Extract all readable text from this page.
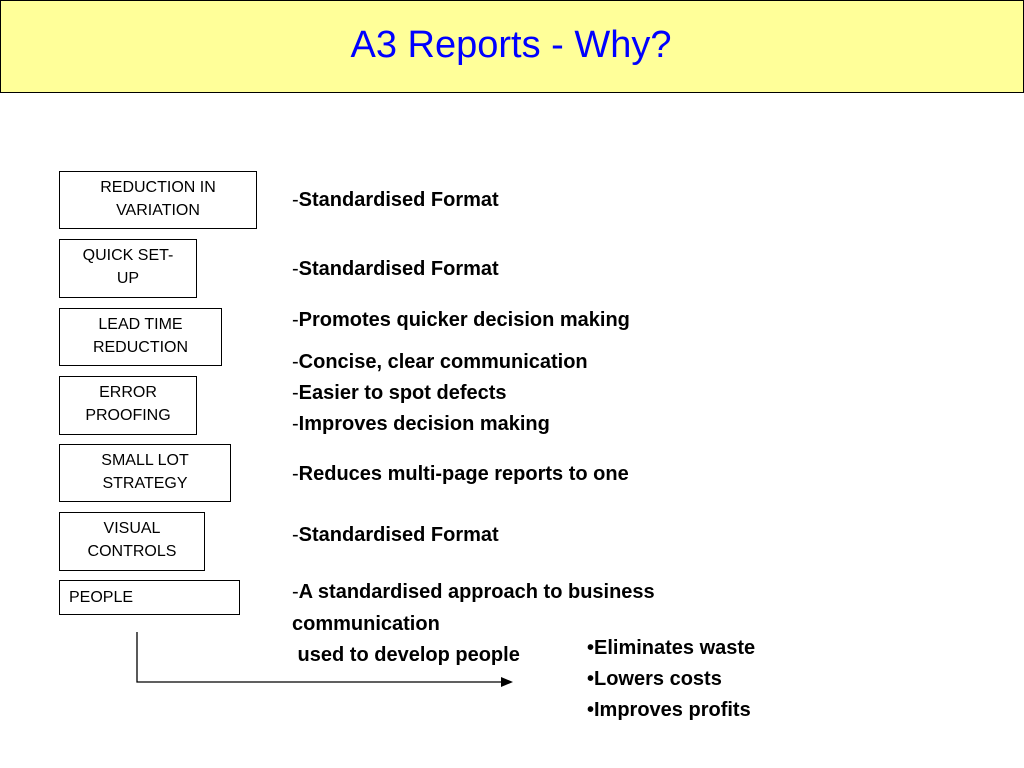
A3 Reports - Why?
REDUCTION IN
VARIATION
QUICK SET-
UP
LEAD TIME
REDUCTION
ERROR
PROOFING
SMALL LOT
STRATEGY
VISUAL
CONTROLS
PEOPLE
-Standardised Format
-Standardised Format
-Promotes quicker decision making
-Concise, clear communication
-Easier to spot defects
-Improves decision making
-Reduces multi-page reports to one
-Standardised Format
-A standardised approach to business
communication
used to develop people	•Eliminates waste
•Lowers costs
•Improves profits
